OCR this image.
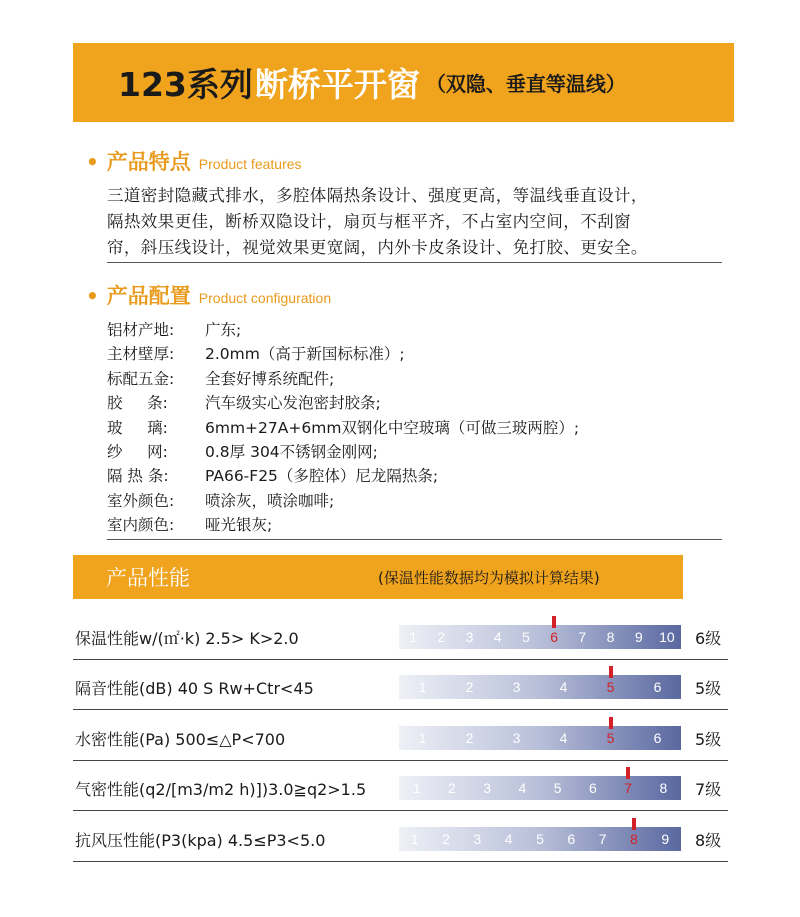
123系列 断桥平开窗 （双隐、垂直等温线）
• 产品特点 Product features
三道密封隐藏式排水，多腔体隔热条设计、强度更高，等温线垂直设计，
隔热效果更佳，断桥双隐设计，扇页与框平齐，不占室内空间，不刮窗
帘，斜压线设计，视觉效果更宽阔，内外卡皮条设计、免打胶、更安全。
• 产品配置 Product configuration
铝材产地:	广东;
主材壁厚:	2.0mm（高于新国标标准）;
标配五金:	全套好博系统配件;
胶     条:	汽车级实心发泡密封胶条;
玻     璃:	6mm+27A+6mm双钢化中空玻璃（可做三玻两腔）;
纱     网:	0.8厚 304不锈钢金刚网;
隔 热 条:	PA66-F25（多腔体）尼龙隔热条;
室外颜色:	喷涂灰，喷涂咖啡;
室内颜色:	哑光银灰;
产品性能	(保温性能数据均为模拟计算结果)
保温性能w/(㎡·k) 2.5> K>2.0	1	2	3	4	5	6	7	8	9	10	6级
隔音性能(dB) 40 S Rw+Ctr<45	1	2	3	4	5	6	5级
水密性能(Pa) 500≤△P<700	1	2	3	4	5	6	5级
气密性能(q2/[m3/m2 h)])3.0≧q2>1.5	1	2	3	4	5	6	7	8	7级
抗风压性能(P3(kpa) 4.5≤P3<5.0	1	2	3	4	5	6	7	8	9	8级
